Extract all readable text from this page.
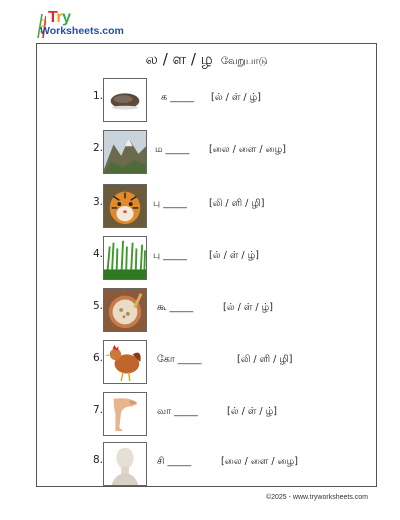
Try
Worksheets.com
ல / ள / ழ வேறுபாடு
1.	க _____ [ல் / ள் / ழ்]
2.	ம _____ [லை / ளை / ழை]
3.	பு _____ [லி / ளி / ழி]
4.	பு _____ [ல் / ள் / ழ்]
5.	கூ _____	[ல் / ள் / ழ்]
6.	கோ _____	[லி / ளி / ழி]
7.	வா _____	[ல் / ள் / ழ்]
8.	சி _____	[லை / ளை / ழை]
©2025 - www.tryworksheets.com
